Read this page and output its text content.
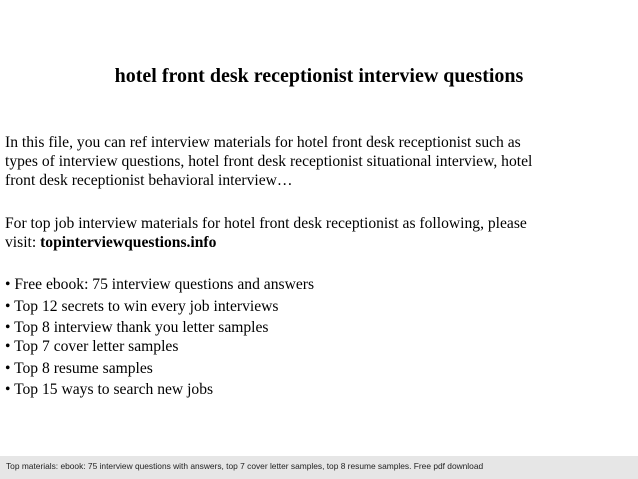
hotel front desk receptionist interview questions
In this file, you can ref interview materials for hotel front desk receptionist such as
types of interview questions, hotel front desk receptionist situational interview, hotel
front desk receptionist behavioral interview…
For top job interview materials for hotel front desk receptionist as following, please
visit: topinterviewquestions.info
• Free ebook: 75 interview questions and answers
• Top 12 secrets to win every job interviews
• Top 8 interview thank you letter samples
• Top 7 cover letter samples
• Top 8 resume samples
• Top 15 ways to search new jobs
Top materials: ebook: 75 interview questions with answers, top 7 cover letter samples, top 8 resume samples. Free pdf download
